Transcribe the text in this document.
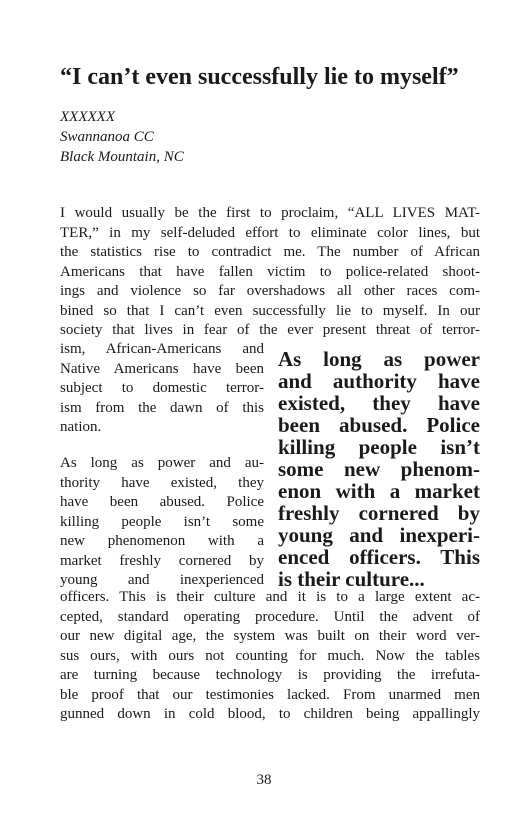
“I can’t even successfully lie to myself”
XXXXXX
Swannanoa CC
Black Mountain, NC
I would usually be the first to proclaim, “ALL LIVES MAT-
TER,” in my self-deluded effort to eliminate color lines, but
the statistics rise to contradict me. The number of African
Americans that have fallen victim to police-related shoot-
ings and violence so far overshadows all other races com-
bined so that I can’t even successfully lie to myself. In our
society that lives in fear of the ever present threat of terror-
ism, African-Americans and
Native Americans have been
subject to domestic terror-
ism from the dawn of this
nation.
As long as power and au-
thority have existed, they
have been abused. Police
killing people isn’t some
new phenomenon with a
market freshly cornered by
young and inexperienced
As long as power
and authority have
existed, they have
been abused. Police
killing people isn’t
some new phenom-
enon with a market
freshly cornered by
young and inexperi-
enced officers. This
is their culture...
officers. This is their culture and it is to a large extent ac-
cepted, standard operating procedure. Until the advent of
our new digital age, the system was built on their word ver-
sus ours, with ours not counting for much. Now the tables
are turning because technology is providing the irrefuta-
ble proof that our testimonies lacked. From unarmed men
gunned down in cold blood, to children being appallingly
38
